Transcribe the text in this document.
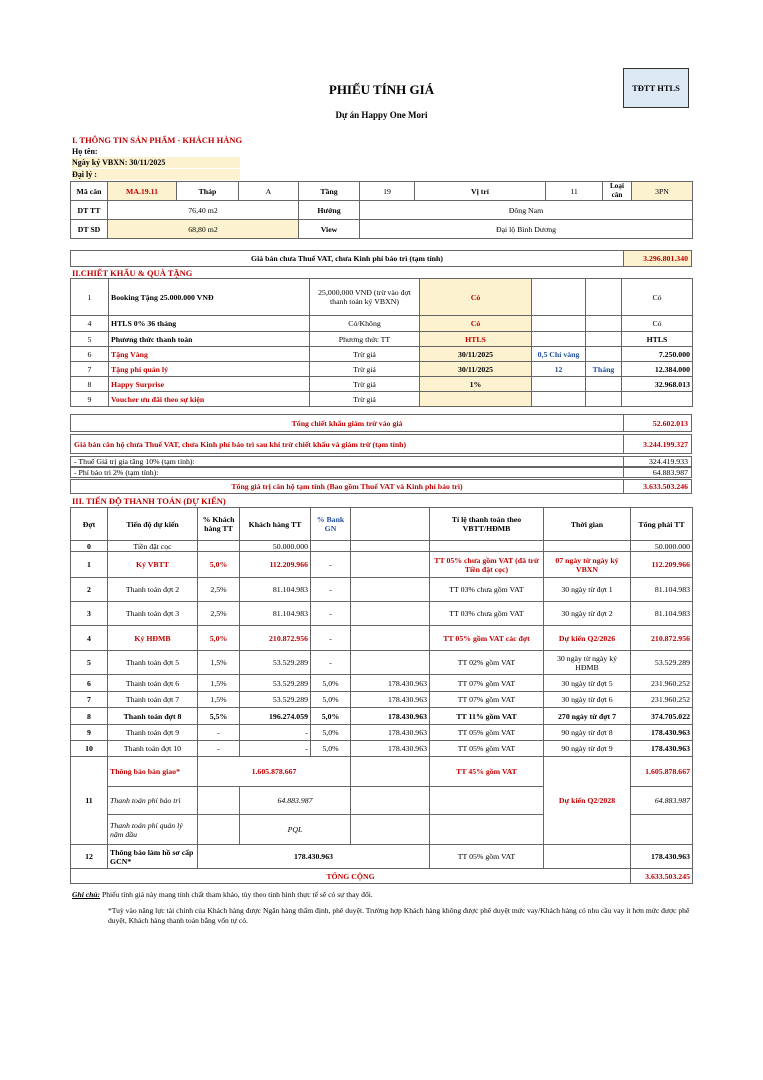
PHIẾU TÍNH GIÁ
Dự án Happy One Mori
TĐTT HTLS
I. THÔNG TIN SẢN PHẨM - KHÁCH HÀNG
Họ tên:
Ngày ký VBXN: 30/11/2025
Đại lý :
Mã căn	MA.19.11	Tháp	A	Tầng	19	Vị trí	11	Loại căn	3PN
DT TT	76,40 m2			Hướng	Đông Nam				
DT SD	68,80 m2			View	Đại lộ Bình Dương				
Giá bán chưa Thuế VAT, chưa Kinh phí bảo trì (tạm tính)	3.296.801.340
II.CHIẾT KHẤU & QUÀ TẶNG
1	Booking Tặng 25.000.000 VNĐ	25,000,000 VNĐ (trừ vào đợt thanh toán ký VBXN)	Có			Có
4	HTLS 0% 36 tháng	Có/Không	Có			Có
5	Phương thức thanh toán	Phương thức TT	HTLS			HTLS
6	Tặng Vàng	Trừ giá	30/11/2025	0,5 Chỉ vàng		7.250.000
7	Tặng phí quản lý	Trừ giá	30/11/2025	12	Tháng	12.384.000
8	Happy Surprise	Trừ giá	1%			32.968.013
9	Voucher ưu đãi theo sự kiện	Trừ giá				
Tổng chiết khấu giảm trừ vào giá	52.602.013
Giá bán căn hộ chưa Thuế VAT, chưa Kinh phí bảo trì sau khi trừ chiết khấu và giảm trừ (tạm tính)	3.244.199.327
- Thuế Giá trị gia tăng 10% (tạm tính):	324.419.933
- Phí bảo trì 2% (tạm tính):	64.883.987
Tổng giá trị căn hộ tạm tính (Bao gồm Thuế VAT và Kinh phí bảo trì)	3.633.503.246
III. TIẾN ĐỘ THANH TOÁN (DỰ KIẾN)
Đợt	Tiến độ dự kiến	% Khách hàng TT	Khách hàng TT	% Bank GN		Tỉ lệ thanh toán theo VBTT/HĐMB	Thời gian	Tổng phải TT
0	Tiền đặt cọc		50.000.000					50.000.000
1	Ký VBTT	5,0%	112.209.966	-		TT 05% chưa gồm VAT (đã trừ Tiền đặt cọc)	07 ngày từ ngày ký VBXN	112.209.966
2	Thanh toán đợt 2	2,5%	81.104.983	-		TT 03% chưa gồm VAT	30 ngày từ đợt 1	81.104.983
3	Thanh toán đợt 3	2,5%	81.104.983	-		TT 03% chưa gồm VAT	30 ngày từ đợt 2	81.104.983
4	Ký HĐMB	5,0%	210.872.956	-		TT 05% gồm VAT các đợt	Dự kiến Q2/2026	210.872.956
5	Thanh toán đợt 5	1,5%	53.529.289	-		TT 02% gồm VAT	30 ngày từ ngày ký HĐMB	53.529.289
6	Thanh toán đợt 6	1,5%	53.529.289	5,0%	178.430.963	TT 07% gồm VAT	30 ngày từ đợt 5	231.960.252
7	Thanh toán đợt 7	1,5%	53.529.289	5,0%	178.430.963	TT 07% gồm VAT	30 ngày từ đợt 6	231.960.252
8	Thanh toán đợt 8	5,5%	196.274.059	5,0%	178.430.963	TT 11% gồm VAT	270 ngày từ đợt 7	374.705.022
9	Thanh toán đợt 9	-	-	5,0%	178.430.963	TT 05% gồm VAT	90 ngày từ đợt 8	178.430.963
10	Thanh toán đợt 10	-	-	5,0%	178.430.963	TT 05% gồm VAT	90 ngày từ đợt 9	178.430.963
11	Thông báo bàn giao*	1.605.878.667				TT 45% gồm VAT	Dự kiến Q2/2028	1.605.878.667
	Thanh toán phí bảo trì		64.883.987					64.883.987
	Thanh toán phí quản lý năm đầu		PQL					
12	Thông báo làm hồ sơ cấp GCN*	178.430.963				TT 05% gồm VAT		178.430.963
TỔNG CỘNG								3.633.503.245
Ghi chú: Phiếu tính giá này mang tính chất tham khảo, tùy theo tình hình thực tế sẽ có sự thay đổi.
*Tuỳ vào năng lực tài chính của Khách hàng được Ngân hàng thẩm định, phê duyệt. Trường hợp Khách hàng không được phê duyệt mức vay/Khách hàng có nhu cầu vay ít hơn mức được phê duyệt, Khách hàng thanh toán bằng vốn tự có.
